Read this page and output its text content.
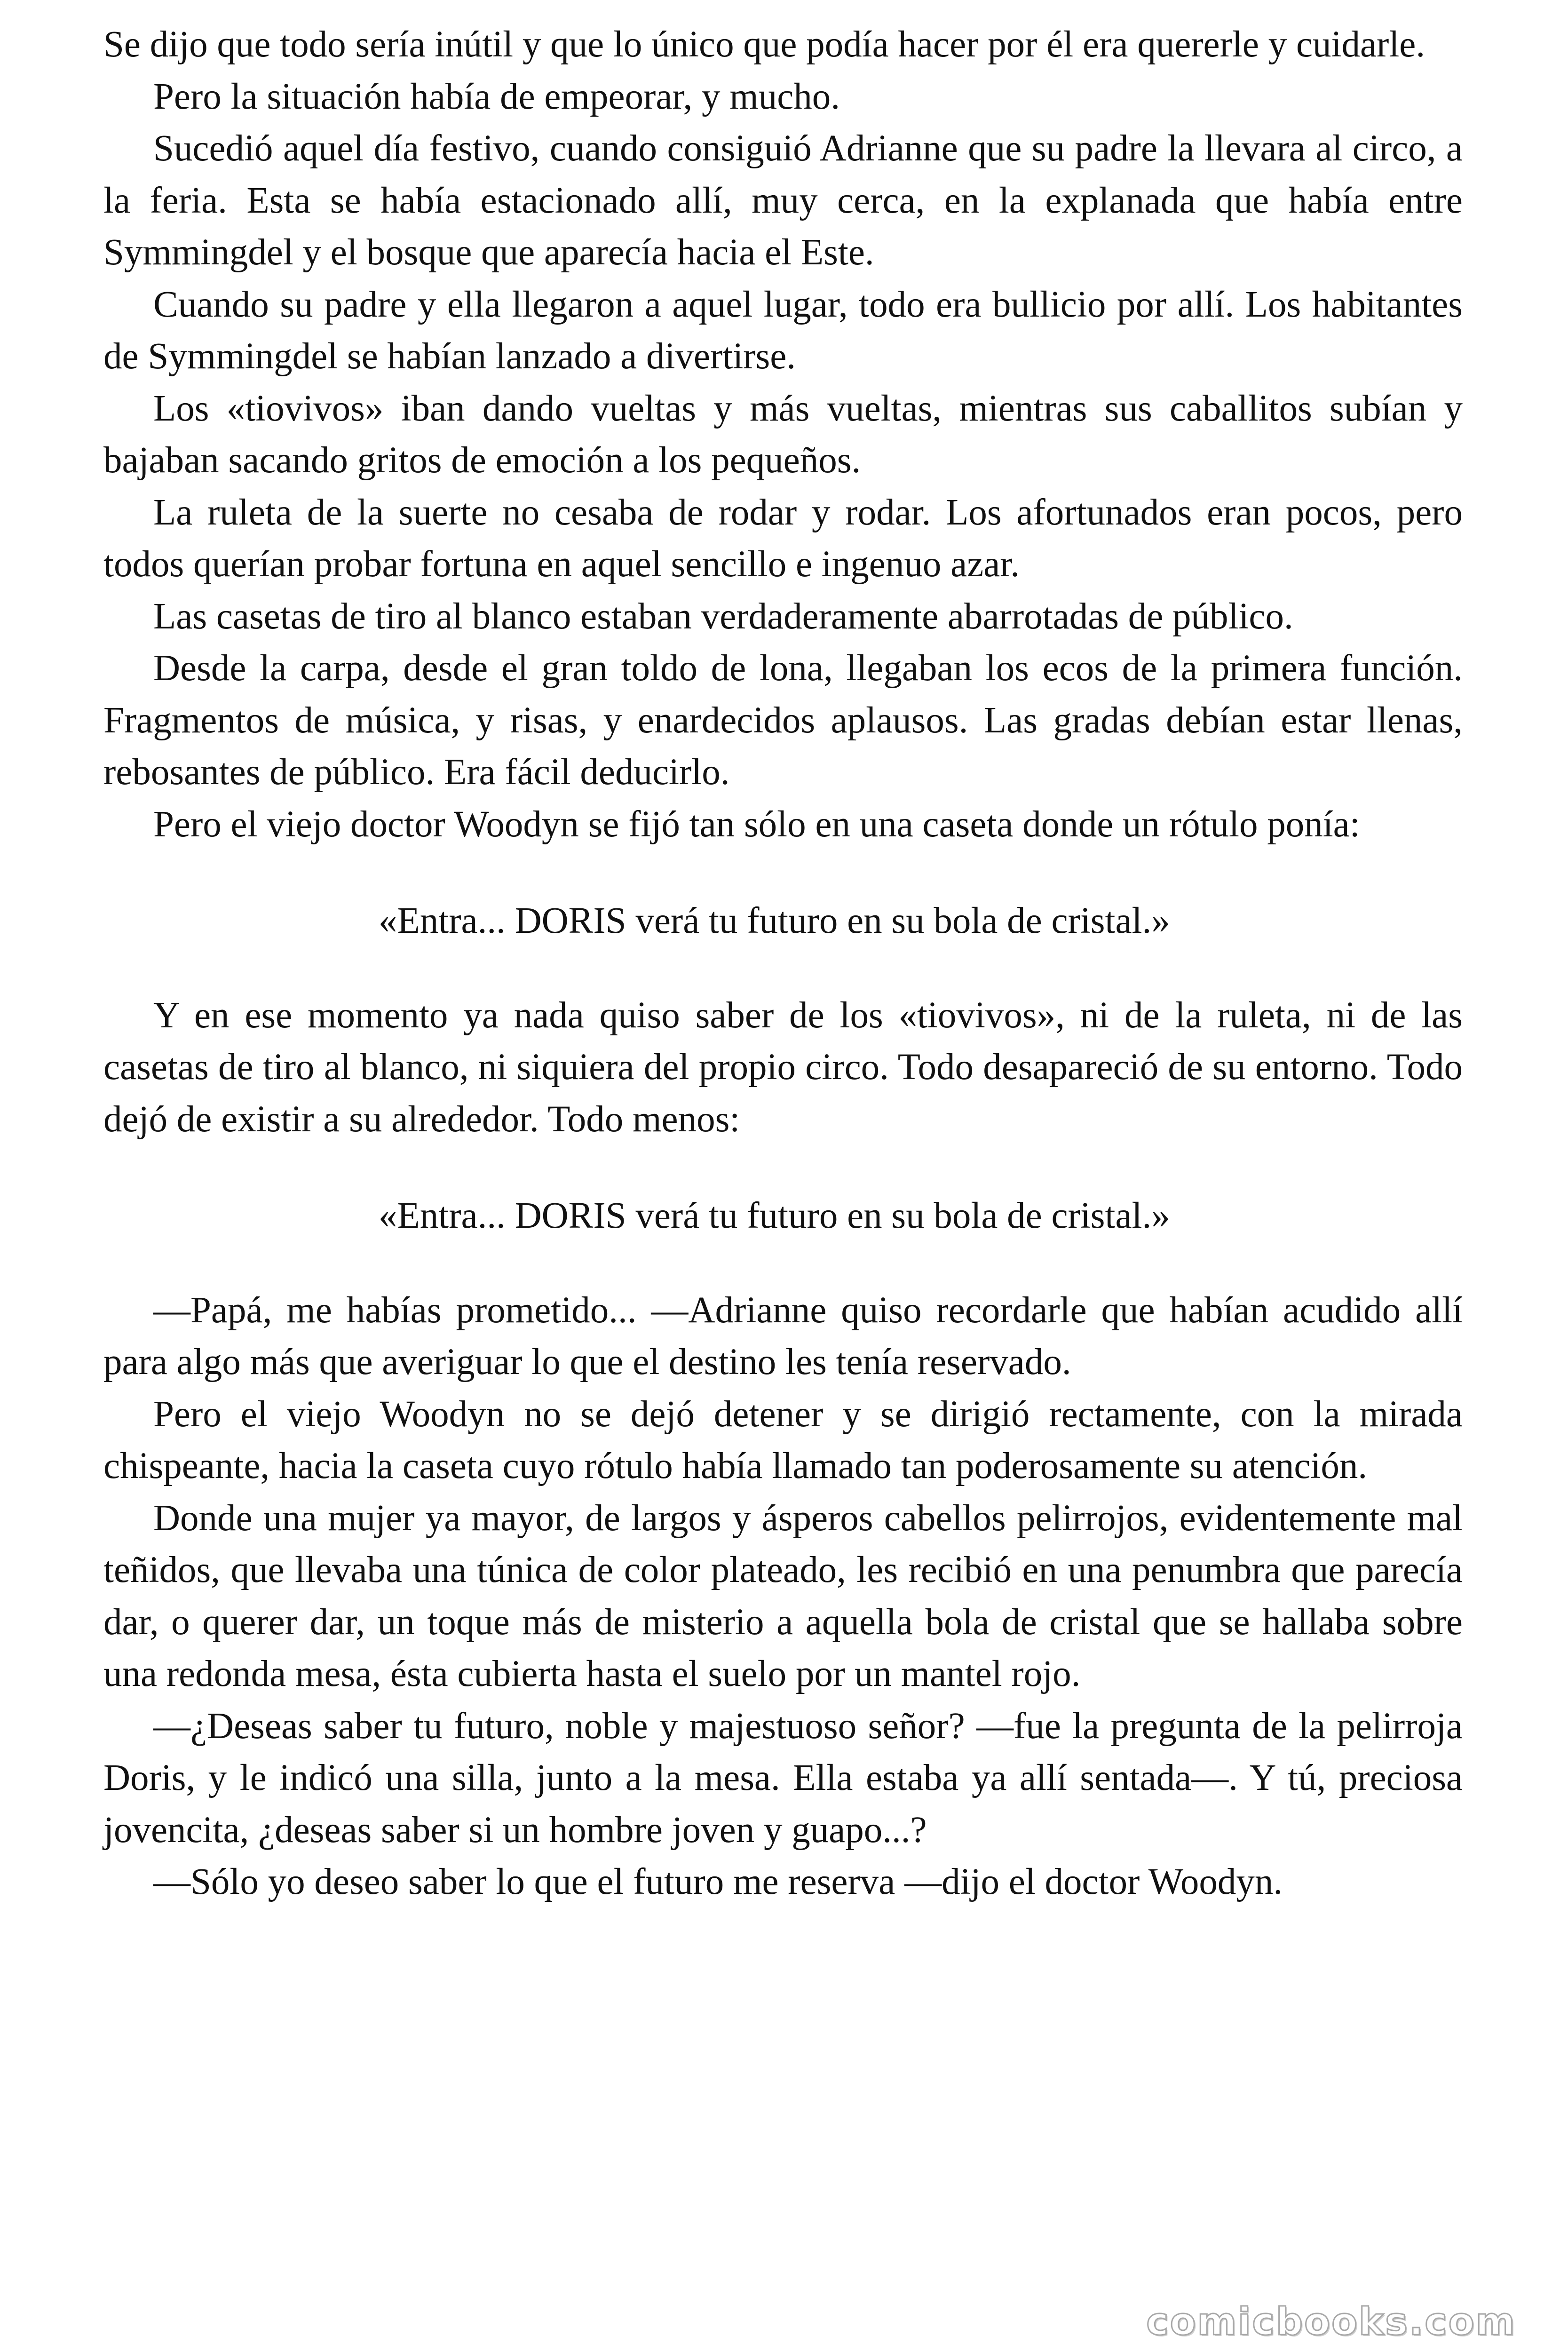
Se dijo que todo sería inútil y que lo único que podía hacer por él era quererle y cuidarle.

Pero la situación había de empeorar, y mucho.

Sucedió aquel día festivo, cuando consiguió Adrianne que su padre la llevara al circo, a la feria. Esta se había estacionado allí, muy cerca, en la explanada que había entre Symmingdel y el bosque que aparecía hacia el Este.

Cuando su padre y ella llegaron a aquel lugar, todo era bullicio por allí. Los habitantes de Symmingdel se habían lanzado a divertirse.

Los «tiovivos» iban dando vueltas y más vueltas, mientras sus caballitos subían y bajaban sacando gritos de emoción a los pequeños.

La ruleta de la suerte no cesaba de rodar y rodar. Los afortunados eran pocos, pero todos querían probar fortuna en aquel sencillo e ingenuo azar.

Las casetas de tiro al blanco estaban verdaderamente abarrotadas de público.

Desde la carpa, desde el gran toldo de lona, llegaban los ecos de la primera función. Fragmentos de música, y risas, y enardecidos aplausos. Las gradas debían estar llenas, rebosantes de público. Era fácil deducirlo.

Pero el viejo doctor Woodyn se fijó tan sólo en una caseta donde un rótulo ponía:

«Entra... DORIS verá tu futuro en su bola de cristal.»

Y en ese momento ya nada quiso saber de los «tiovivos», ni de la ruleta, ni de las casetas de tiro al blanco, ni siquiera del propio circo. Todo desapareció de su entorno. Todo dejó de existir a su alrededor. Todo menos:

«Entra... DORIS verá tu futuro en su bola de cristal.»

—Papá, me habías prometido... —Adrianne quiso recordarle que habían acudido allí para algo más que averiguar lo que el destino les tenía reservado.

Pero el viejo Woodyn no se dejó detener y se dirigió rectamente, con la mirada chispeante, hacia la caseta cuyo rótulo había llamado tan poderosamente su atención.

Donde una mujer ya mayor, de largos y ásperos cabellos pelirrojos, evidentemente mal teñidos, que llevaba una túnica de color plateado, les recibió en una penumbra que parecía dar, o querer dar, un toque más de misterio a aquella bola de cristal que se hallaba sobre una redonda mesa, ésta cubierta hasta el suelo por un mantel rojo.

—¿Deseas saber tu futuro, noble y majestuoso señor? —fue la pregunta de la pelirroja Doris, y le indicó una silla, junto a la mesa. Ella estaba ya allí sentada—. Y tú, preciosa jovencita, ¿deseas saber si un hombre joven y guapo...?

—Sólo yo deseo saber lo que el futuro me reserva —dijo el doctor Woodyn.

comicbooks.com
